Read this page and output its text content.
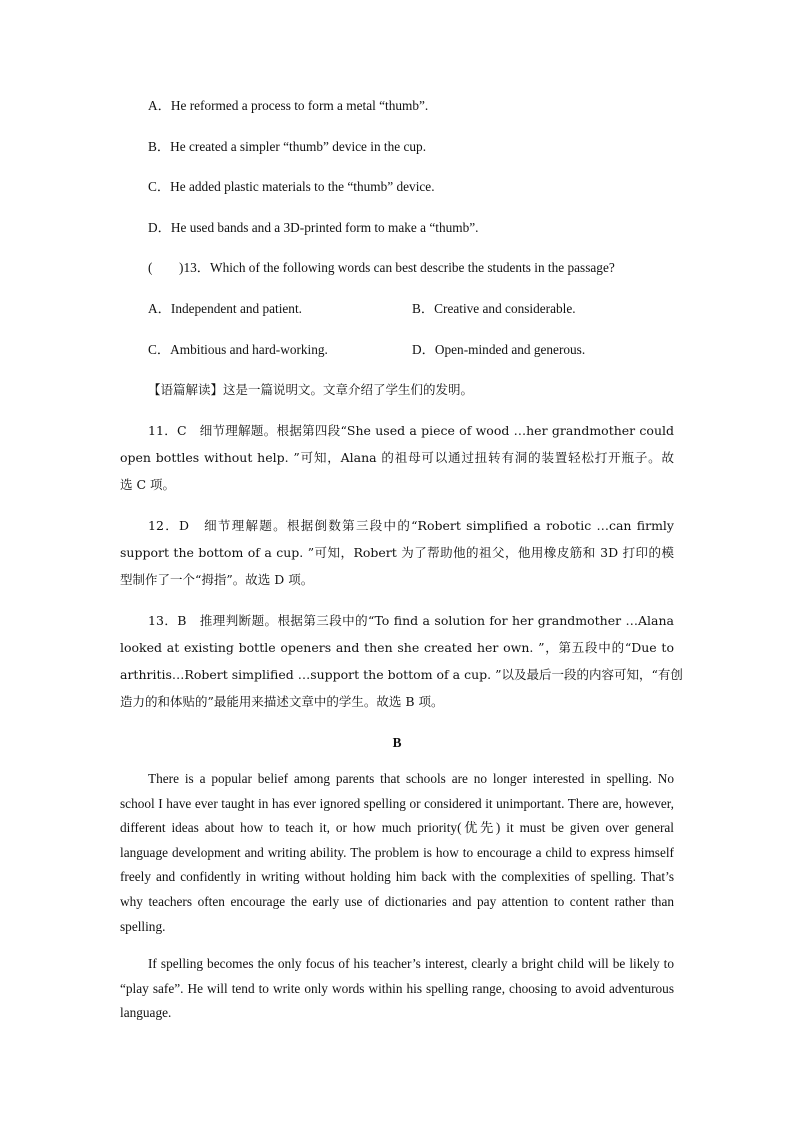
A．He reformed a process to form a metal “thumb”.
B．He created a simpler “thumb” device in the cup.
C．He added plastic materials to the “thumb” device.
D．He used bands and a 3D-printed form to make a “thumb”.
(　　)13．Which of the following words can best describe the students in the passage?
A．Independent and patient.	B．Creative and considerable.
C．Ambitious and hard-working.	D．Open-minded and generous.
【语篇解读】这是一篇说明文。文章介绍了学生们的发明。
11．C　细节理解题。根据第四段“She used a piece of wood …her grandmother could
open bottles without help. ”可知，Alana 的祖母可以通过扭转有洞的装置轻松打开瓶子。故
选 C 项。
12．D　细节理解题。根据倒数第三段中的“Robert simplified a robotic …can firmly
support the bottom of a cup. ”可知，Robert 为了帮助他的祖父，他用橡皮筋和 3D 打印的模
型制作了一个“拇指”。故选 D 项。
13．B　推理判断题。根据第三段中的“To find a solution for her grandmother …Alana
looked at existing bottle openers and then she created her own. ”，第五段中的“Due to
arthritis…Robert simplified …support the bottom of a cup. ”以及最后一段的内容可知，“有创
造力的和体贴的”最能用来描述文章中的学生。故选 B 项。
B
There is a popular belief among parents that schools are no longer interested in spelling. No school I have ever taught in has ever ignored spelling or considered it unimportant. There are, however, different ideas about how to teach it, or how much priority(优先) it must be given over general language development and writing ability. The problem is how to encourage a child to express himself freely and confidently in writing without holding him back with the complexities of spelling. That’s why teachers often encourage the early use of dictionaries and pay attention to content rather than spelling.
If spelling becomes the only focus of his teacher’s interest, clearly a bright child will be likely to “play safe”. He will tend to write only words within his spelling range, choosing to avoid adventurous language.
